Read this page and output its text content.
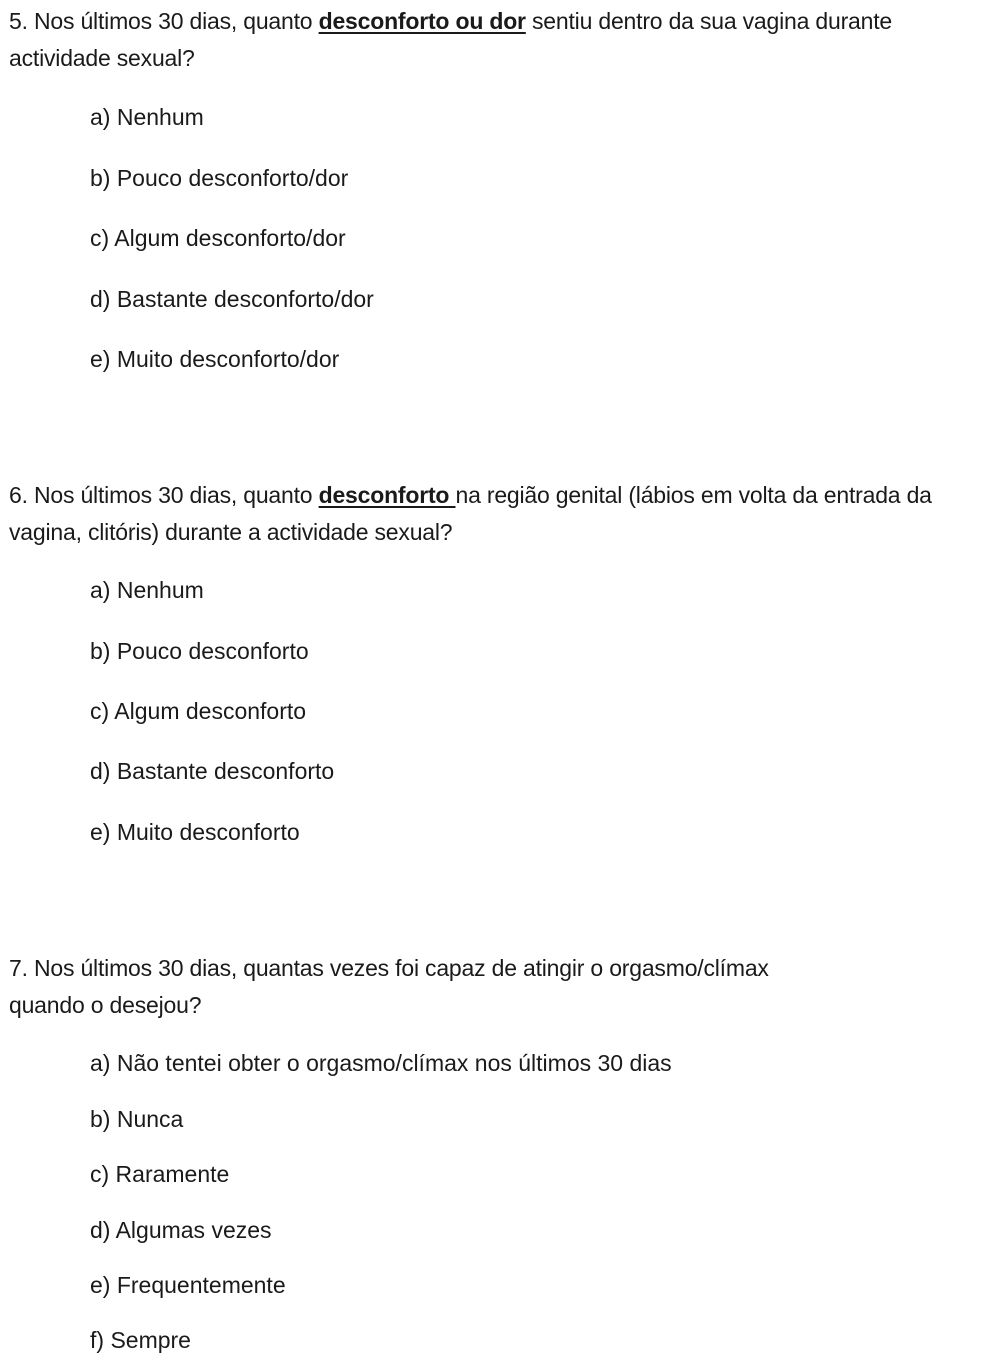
5. Nos últimos 30 dias, quanto desconforto ou dor sentiu dentro da sua vagina durante actividade sexual?
a) Nenhum
b) Pouco desconforto/dor
c) Algum desconforto/dor
d) Bastante desconforto/dor
e) Muito desconforto/dor
6. Nos últimos 30 dias, quanto desconforto na região genital (lábios em volta da entrada da vagina, clitóris) durante a actividade sexual?
a) Nenhum
b) Pouco desconforto
c) Algum desconforto
d) Bastante desconforto
e) Muito desconforto
7. Nos últimos 30 dias, quantas vezes foi capaz de atingir o orgasmo/clímax
quando o desejou?
a) Não tentei obter o orgasmo/clímax nos últimos 30 dias
b) Nunca
c) Raramente
d) Algumas vezes
e) Frequentemente
f) Sempre
